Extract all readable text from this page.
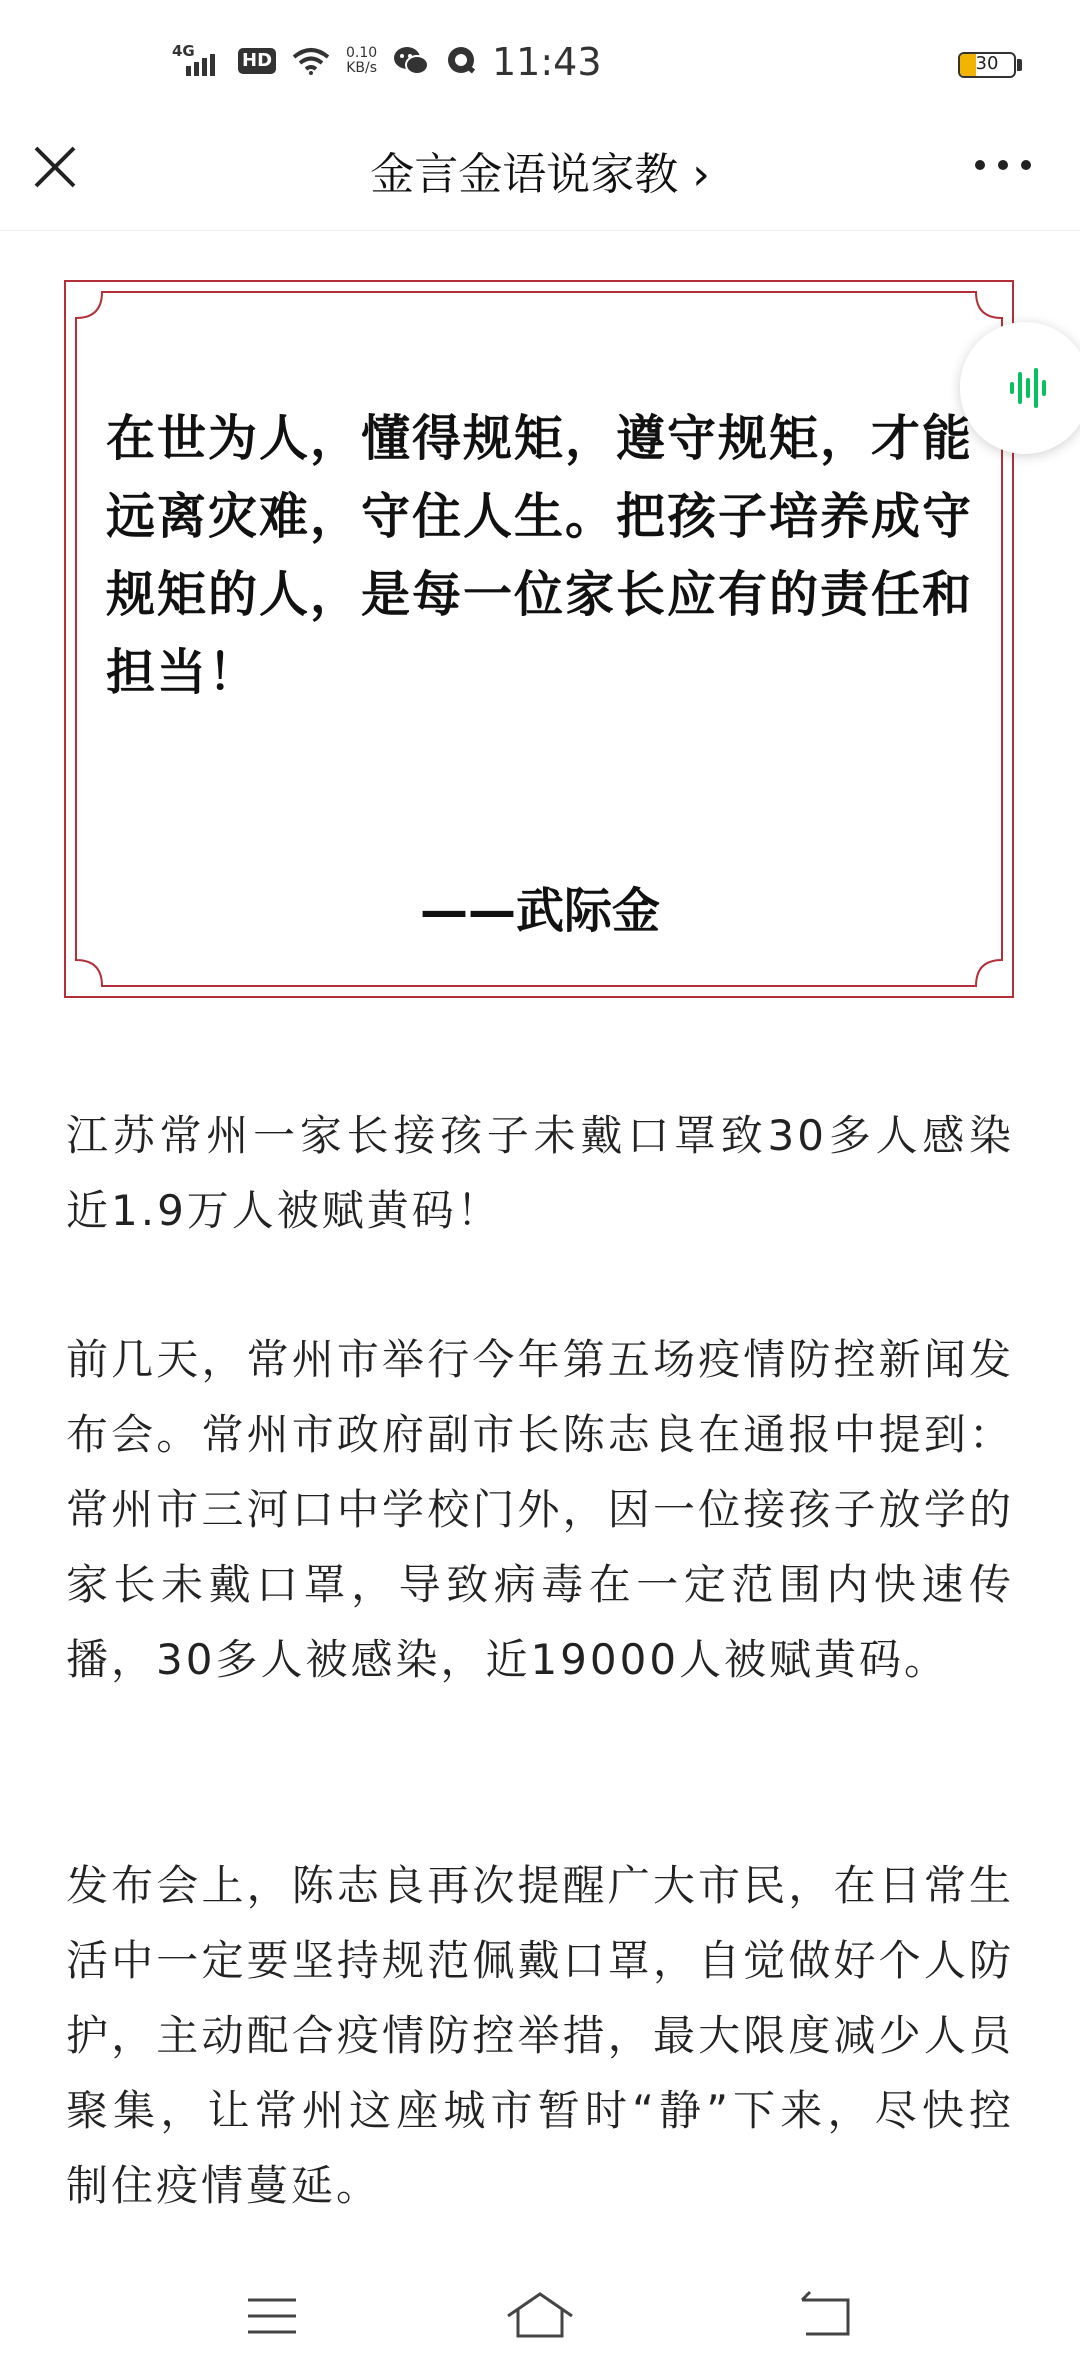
4G	HD	0.10
KB/s	11:43	30
金言金语说家教 ›
在世为人，懂得规矩，遵守规矩，才能远离灾难，守住人生。把孩子培养成守规矩的人，是每一位家长应有的责任和担当！
——武际金
江苏常州一家长接孩子未戴口罩致30多人感染 近1.9万人被赋黄码！
前几天，常州市举行今年第五场疫情防控新闻发布会。常州市政府副市长陈志良在通报中提到：常州市三河口中学校门外，因一位接孩子放学的家长未戴口罩，导致病毒在一定范围内快速传播，30多人被感染，近19000人被赋黄码。
发布会上，陈志良再次提醒广大市民，在日常生活中一定要坚持规范佩戴口罩，自觉做好个人防护，主动配合疫情防控举措，最大限度减少人员聚集，让常州这座城市暂时“静”下来，尽快控制住疫情蔓延。
